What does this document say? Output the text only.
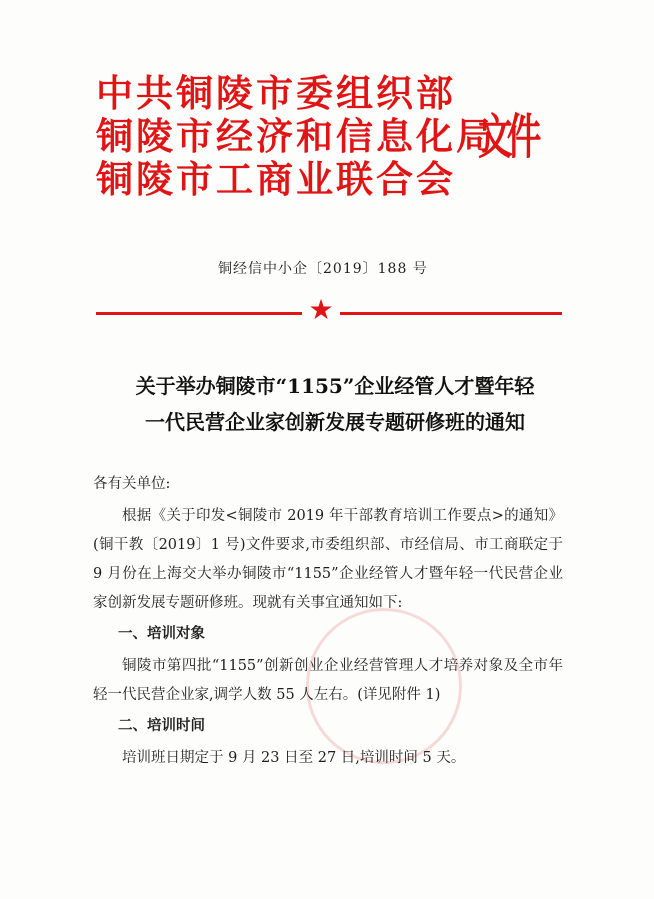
中共铜陵市委组织部
铜陵市经济和信息化局
铜陵市工商业联合会
文件
铜经信中小企〔2019〕188 号
★
关于举办铜陵市“1155”企业经管人才暨年轻
一代民营企业家创新发展专题研修班的通知
各有关单位:
根据《关于印发<铜陵市 2019 年干部教育培训工作要点>的通知》(铜干教〔2019〕1 号)文件要求,市委组织部、市经信局、市工商联定于 9 月份在上海交大举办铜陵市“1155”企业经管人才暨年轻一代民营企业家创新发展专题研修班。现就有关事宜通知如下:
一、培训对象
铜陵市第四批“1155”创新创业企业经营管理人才培养对象及全市年轻一代民营企业家,调学人数 55 人左右。(详见附件 1)
二、培训时间
培训班日期定于 9 月 23 日至 27 日,培训时间 5 天。
